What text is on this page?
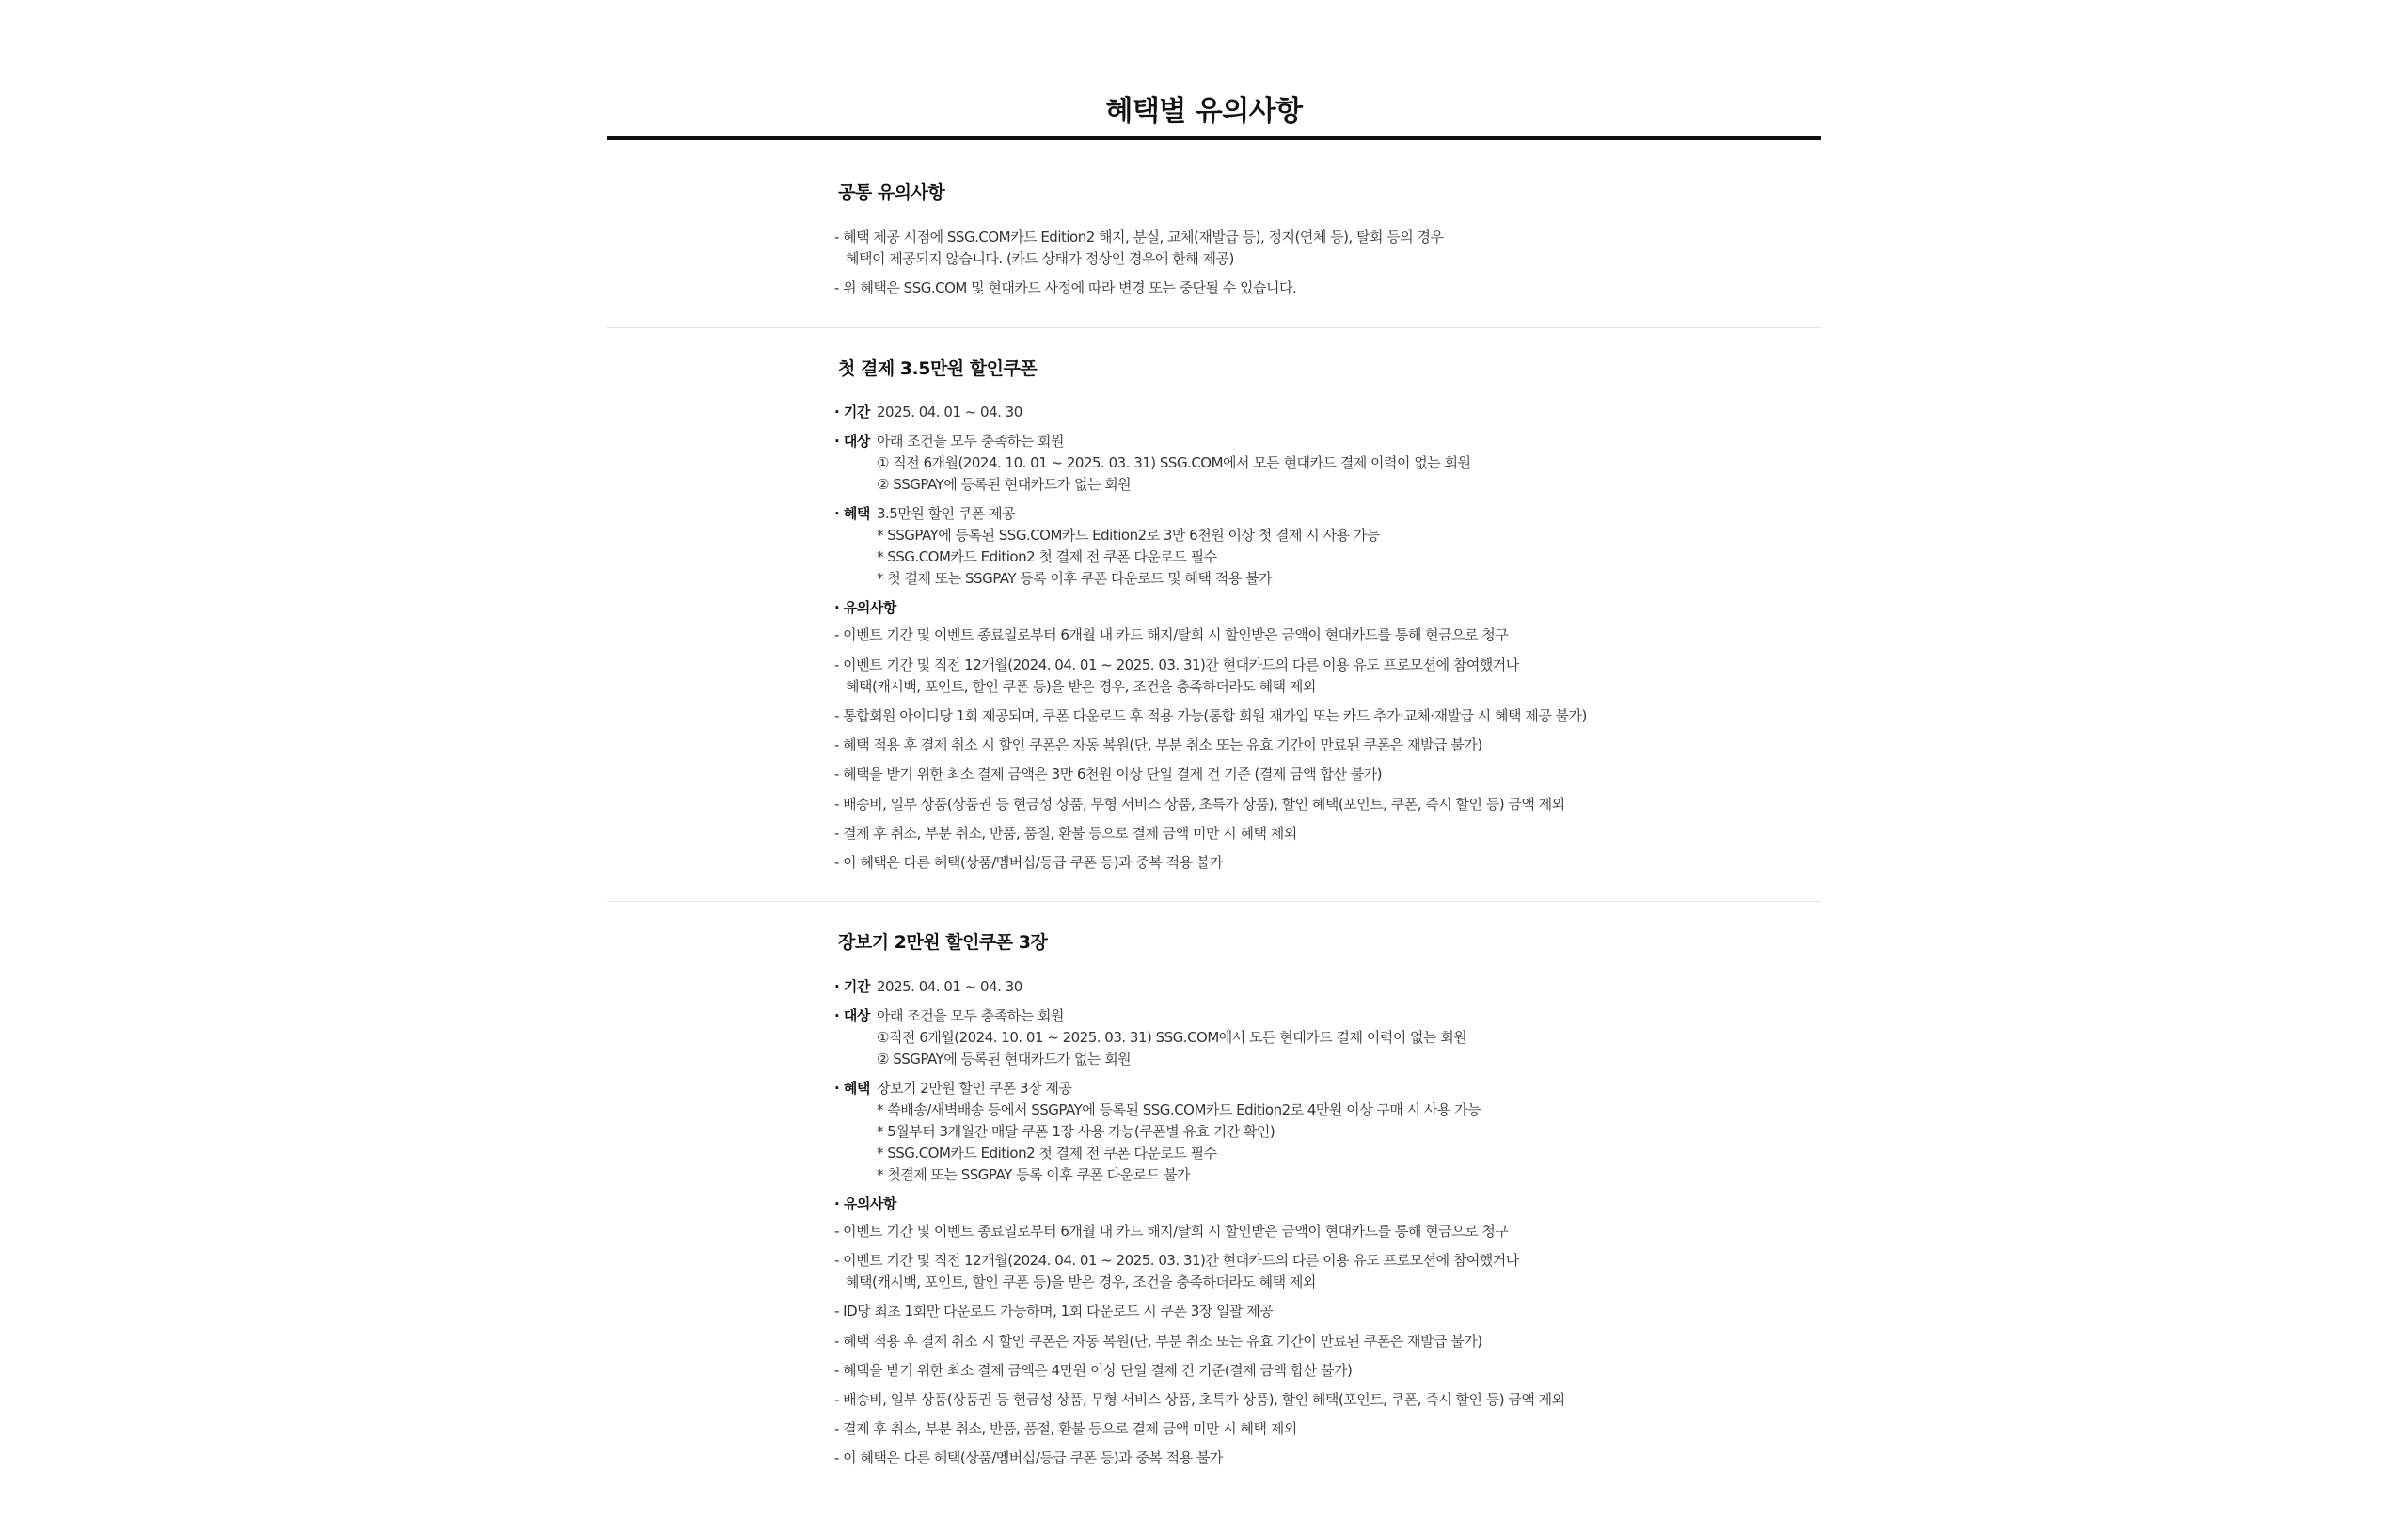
혜택별 유의사항
공통 유의사항
- 혜택 제공 시점에 SSG.COM카드 Edition2 해지, 분실, 교체(재발급 등), 정지(연체 등), 탈회 등의 경우
혜택이 제공되지 않습니다. (카드 상태가 정상인 경우에 한해 제공)
- 위 혜택은 SSG.COM 및 현대카드 사정에 따라 변경 또는 중단될 수 있습니다.
첫 결제 3.5만원 할인쿠폰
· 기간 2025. 04. 01 ~ 04. 30
· 대상 아래 조건을 모두 충족하는 회원
① 직전 6개월(2024. 10. 01 ~ 2025. 03. 31) SSG.COM에서 모든 현대카드 결제 이력이 없는 회원
② SSGPAY에 등록된 현대카드가 없는 회원
· 혜택 3.5만원 할인 쿠폰 제공
* SSGPAY에 등록된 SSG.COM카드 Edition2로 3만 6천원 이상 첫 결제 시 사용 가능
* SSG.COM카드 Edition2 첫 결제 전 쿠폰 다운로드 필수
* 첫 결제 또는 SSGPAY 등록 이후 쿠폰 다운로드 및 혜택 적용 불가
· 유의사항
- 이벤트 기간 및 이벤트 종료일로부터 6개월 내 카드 해지/탈회 시 할인받은 금액이 현대카드를 통해 현금으로 청구
- 이벤트 기간 및 직전 12개월(2024. 04. 01 ~ 2025. 03. 31)간 현대카드의 다른 이용 유도 프로모션에 참여했거나
혜택(캐시백, 포인트, 할인 쿠폰 등)을 받은 경우, 조건을 충족하더라도 혜택 제외
- 통합회원 아이디당 1회 제공되며, 쿠폰 다운로드 후 적용 가능(통합 회원 재가입 또는 카드 추가·교체·재발급 시 혜택 제공 불가)
- 혜택 적용 후 결제 취소 시 할인 쿠폰은 자동 복원(단, 부분 취소 또는 유효 기간이 만료된 쿠폰은 재발급 불가)
- 혜택을 받기 위한 최소 결제 금액은 3만 6천원 이상 단일 결제 건 기준 (결제 금액 합산 불가)
- 배송비, 일부 상품(상품권 등 현금성 상품, 무형 서비스 상품, 초특가 상품), 할인 혜택(포인트, 쿠폰, 즉시 할인 등) 금액 제외
- 결제 후 취소, 부분 취소, 반품, 품절, 환불 등으로 결제 금액 미만 시 혜택 제외
- 이 혜택은 다른 혜택(상품/멤버십/등급 쿠폰 등)과 중복 적용 불가
장보기 2만원 할인쿠폰 3장
· 기간 2025. 04. 01 ~ 04. 30
· 대상 아래 조건을 모두 충족하는 회원
①직전 6개월(2024. 10. 01 ~ 2025. 03. 31) SSG.COM에서 모든 현대카드 결제 이력이 없는 회원
② SSGPAY에 등록된 현대카드가 없는 회원
· 혜택 장보기 2만원 할인 쿠폰 3장 제공
* 쓱배송/새벽배송 등에서 SSGPAY에 등록된 SSG.COM카드 Edition2로 4만원 이상 구매 시 사용 가능
* 5월부터 3개월간 매달 쿠폰 1장 사용 가능(쿠폰별 유효 기간 확인)
* SSG.COM카드 Edition2 첫 결제 전 쿠폰 다운로드 필수
* 첫결제 또는 SSGPAY 등록 이후 쿠폰 다운로드 불가
· 유의사항
- 이벤트 기간 및 이벤트 종료일로부터 6개월 내 카드 해지/탈회 시 할인받은 금액이 현대카드를 통해 현금으로 청구
- 이벤트 기간 및 직전 12개월(2024. 04. 01 ~ 2025. 03. 31)간 현대카드의 다른 이용 유도 프로모션에 참여했거나
혜택(캐시백, 포인트, 할인 쿠폰 등)을 받은 경우, 조건을 충족하더라도 혜택 제외
- ID당 최초 1회만 다운로드 가능하며, 1회 다운로드 시 쿠폰 3장 일괄 제공
- 혜택 적용 후 결제 취소 시 할인 쿠폰은 자동 복원(단, 부분 취소 또는 유효 기간이 만료된 쿠폰은 재발급 불가)
- 혜택을 받기 위한 최소 결제 금액은 4만원 이상 단일 결제 건 기준(결제 금액 합산 불가)
- 배송비, 일부 상품(상품권 등 현금성 상품, 무형 서비스 상품, 초특가 상품), 할인 혜택(포인트, 쿠폰, 즉시 할인 등) 금액 제외
- 결제 후 취소, 부분 취소, 반품, 품절, 환불 등으로 결제 금액 미만 시 혜택 제외
- 이 혜택은 다른 혜택(상품/멤버십/등급 쿠폰 등)과 중복 적용 불가
